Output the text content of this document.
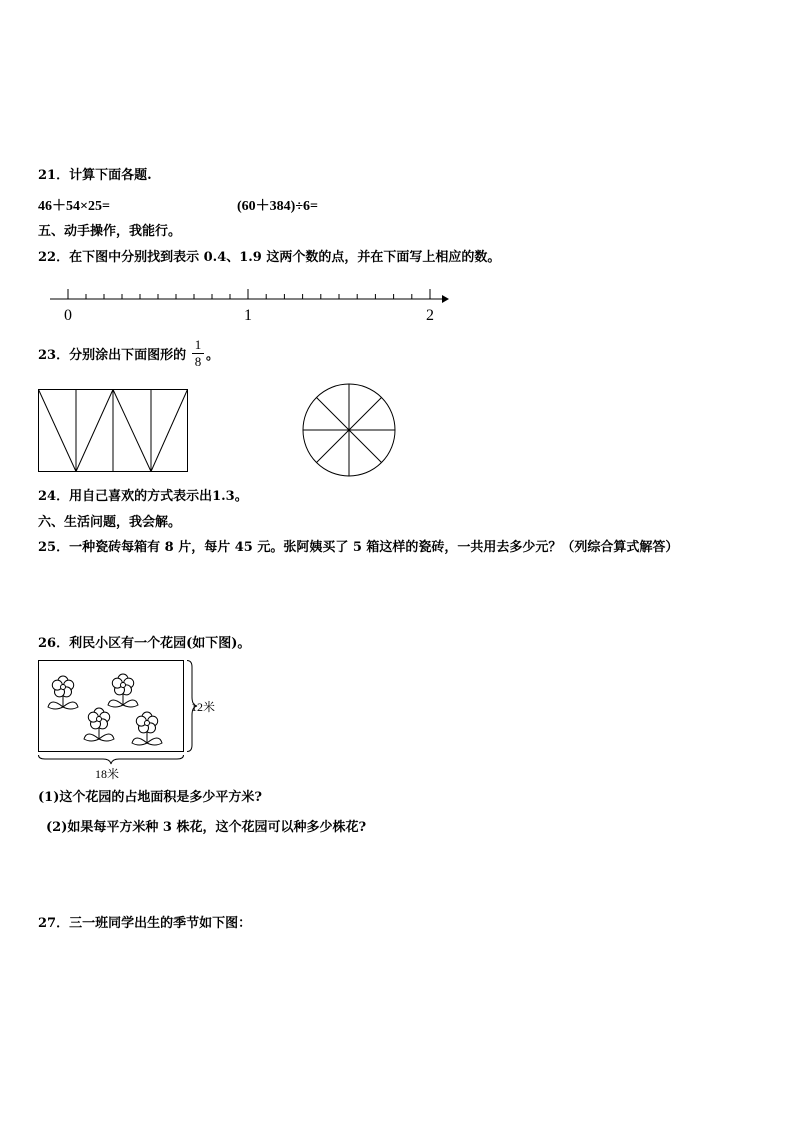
21．计算下面各题.
46＋54×25=	(60＋384)÷6=
五、动手操作，我能行。
22．在下图中分别找到表示 0.4、1.9 这两个数的点，并在下面写上相应的数。
0	1	2
23．分别涂出下面图形的
1
8 。
24．用自己喜欢的方式表示出1.3。
六、生活问题，我会解。
25．一种瓷砖每箱有 8 片，每片 45 元。张阿姨买了 5 箱这样的瓷砖，一共用去多少元？（列综合算式解答）
26．利民小区有一个花园(如下图)。
12米
18米
(1)这个花园的占地面积是多少平方米?
(2)如果每平方米种 3 株花，这个花园可以种多少株花?
27．三一班同学出生的季节如下图：
